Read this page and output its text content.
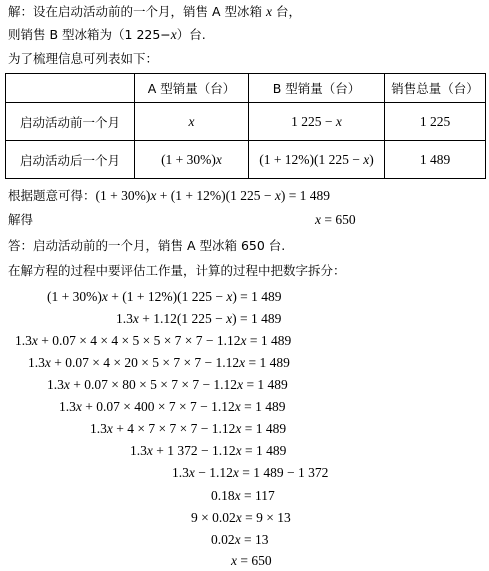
解：设在启动活动前的一个月，销售 A 型冰箱 x 台，
则销售 B 型冰箱为（1 225−x）台.
为了梳理信息可列表如下：
	A 型销量（台）	B 型销量（台）	销售总量（台）
启动活动前一个月	x	1 225 − x	1 225
启动活动后一个月	(1 + 30%)x	(1 + 12%)(1 225 − x)	1 489
根据题意可得：(1 + 30%)x + (1 + 12%)(1 225 − x) = 1 489
解得	x = 650
答：启动活动前的一个月，销售 A 型冰箱 650 台.
在解方程的过程中要评估工作量，计算的过程中把数字拆分：
(1 + 30%)x + (1 + 12%)(1 225 − x) = 1 489
1.3x + 1.12(1 225 − x) = 1 489
1.3x + 0.07 × 4 × 4 × 5 × 5 × 7 × 7 − 1.12x = 1 489
1.3x + 0.07 × 4 × 20 × 5 × 7 × 7 − 1.12x = 1 489
1.3x + 0.07 × 80 × 5 × 7 × 7 − 1.12x = 1 489
1.3x + 0.07 × 400 × 7 × 7 − 1.12x = 1 489
1.3x + 4 × 7 × 7 × 7 − 1.12x = 1 489
1.3x + 1 372 − 1.12x = 1 489
1.3x − 1.12x = 1 489 − 1 372
0.18x = 117
9 × 0.02x = 9 × 13
0.02x = 13
x = 650
